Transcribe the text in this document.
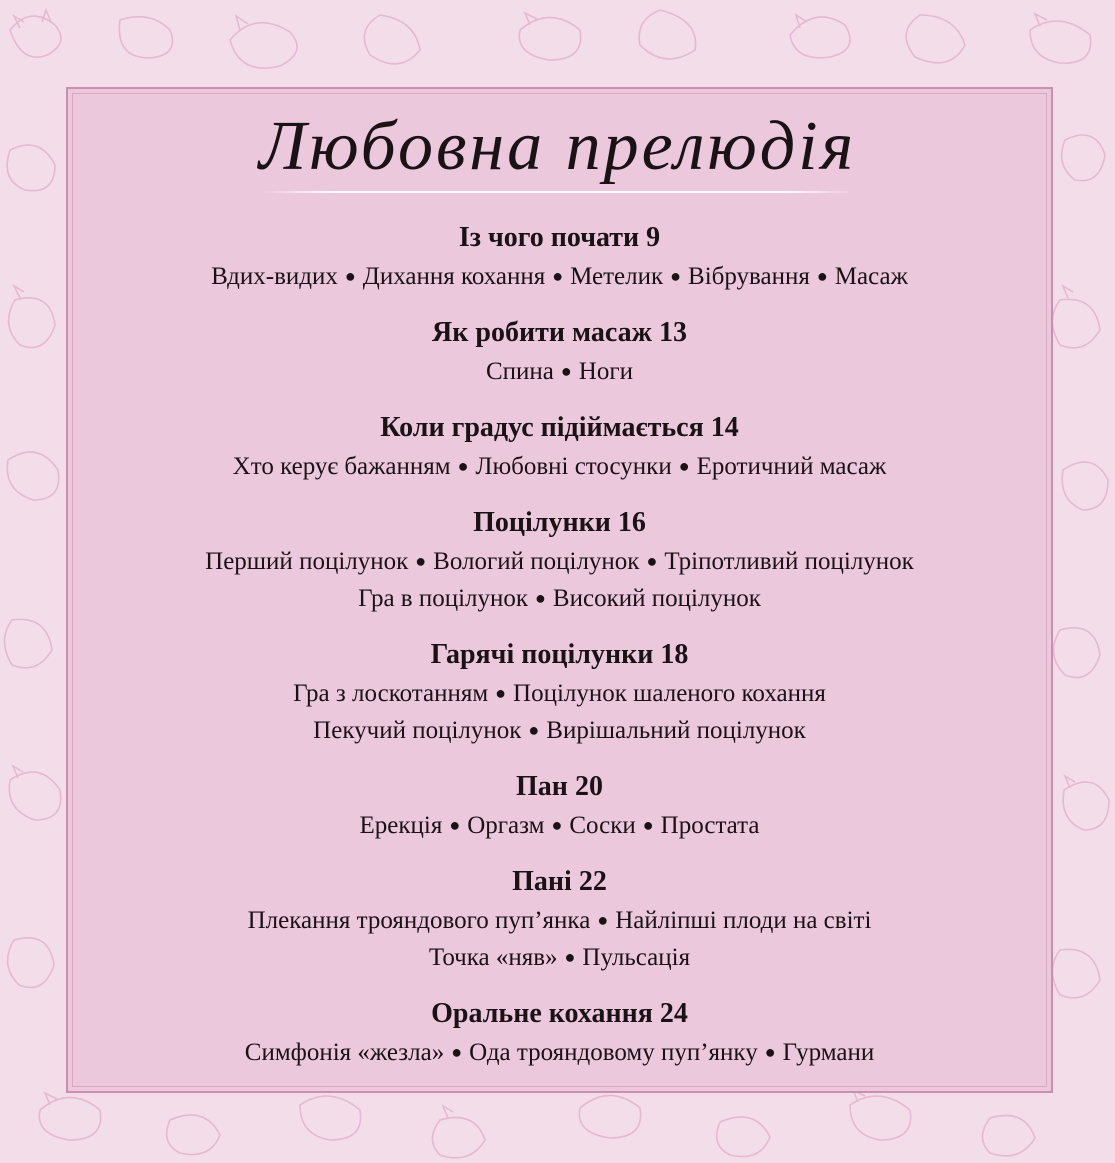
Любовна прелюдія
Із чого почати 9
Вдих-видих ● Дихання кохання ● Метелик ● Вібрування ● Масаж
Як робити масаж 13
Спина ● Ноги
Коли градус підіймається 14
Хто керує бажанням ● Любовні стосунки ● Еротичний масаж
Поцілунки 16
Перший поцілунок ● Вологий поцілунок ● Тріпотливий поцілунок
Гра в поцілунок ● Високий поцілунок
Гарячі поцілунки 18
Гра з лоскотанням ● Поцілунок шаленого кохання
Пекучий поцілунок ● Вирішальний поцілунок
Пан 20
Ерекція ● Оргазм ● Соски ● Простата
Пані 22
Плекання трояндового пуп’янка ● Найліпші плоди на світі
Точка «няв» ● Пульсація
Оральне кохання 24
Симфонія «жезла» ● Ода трояндовому пуп’янку ● Гурмани
